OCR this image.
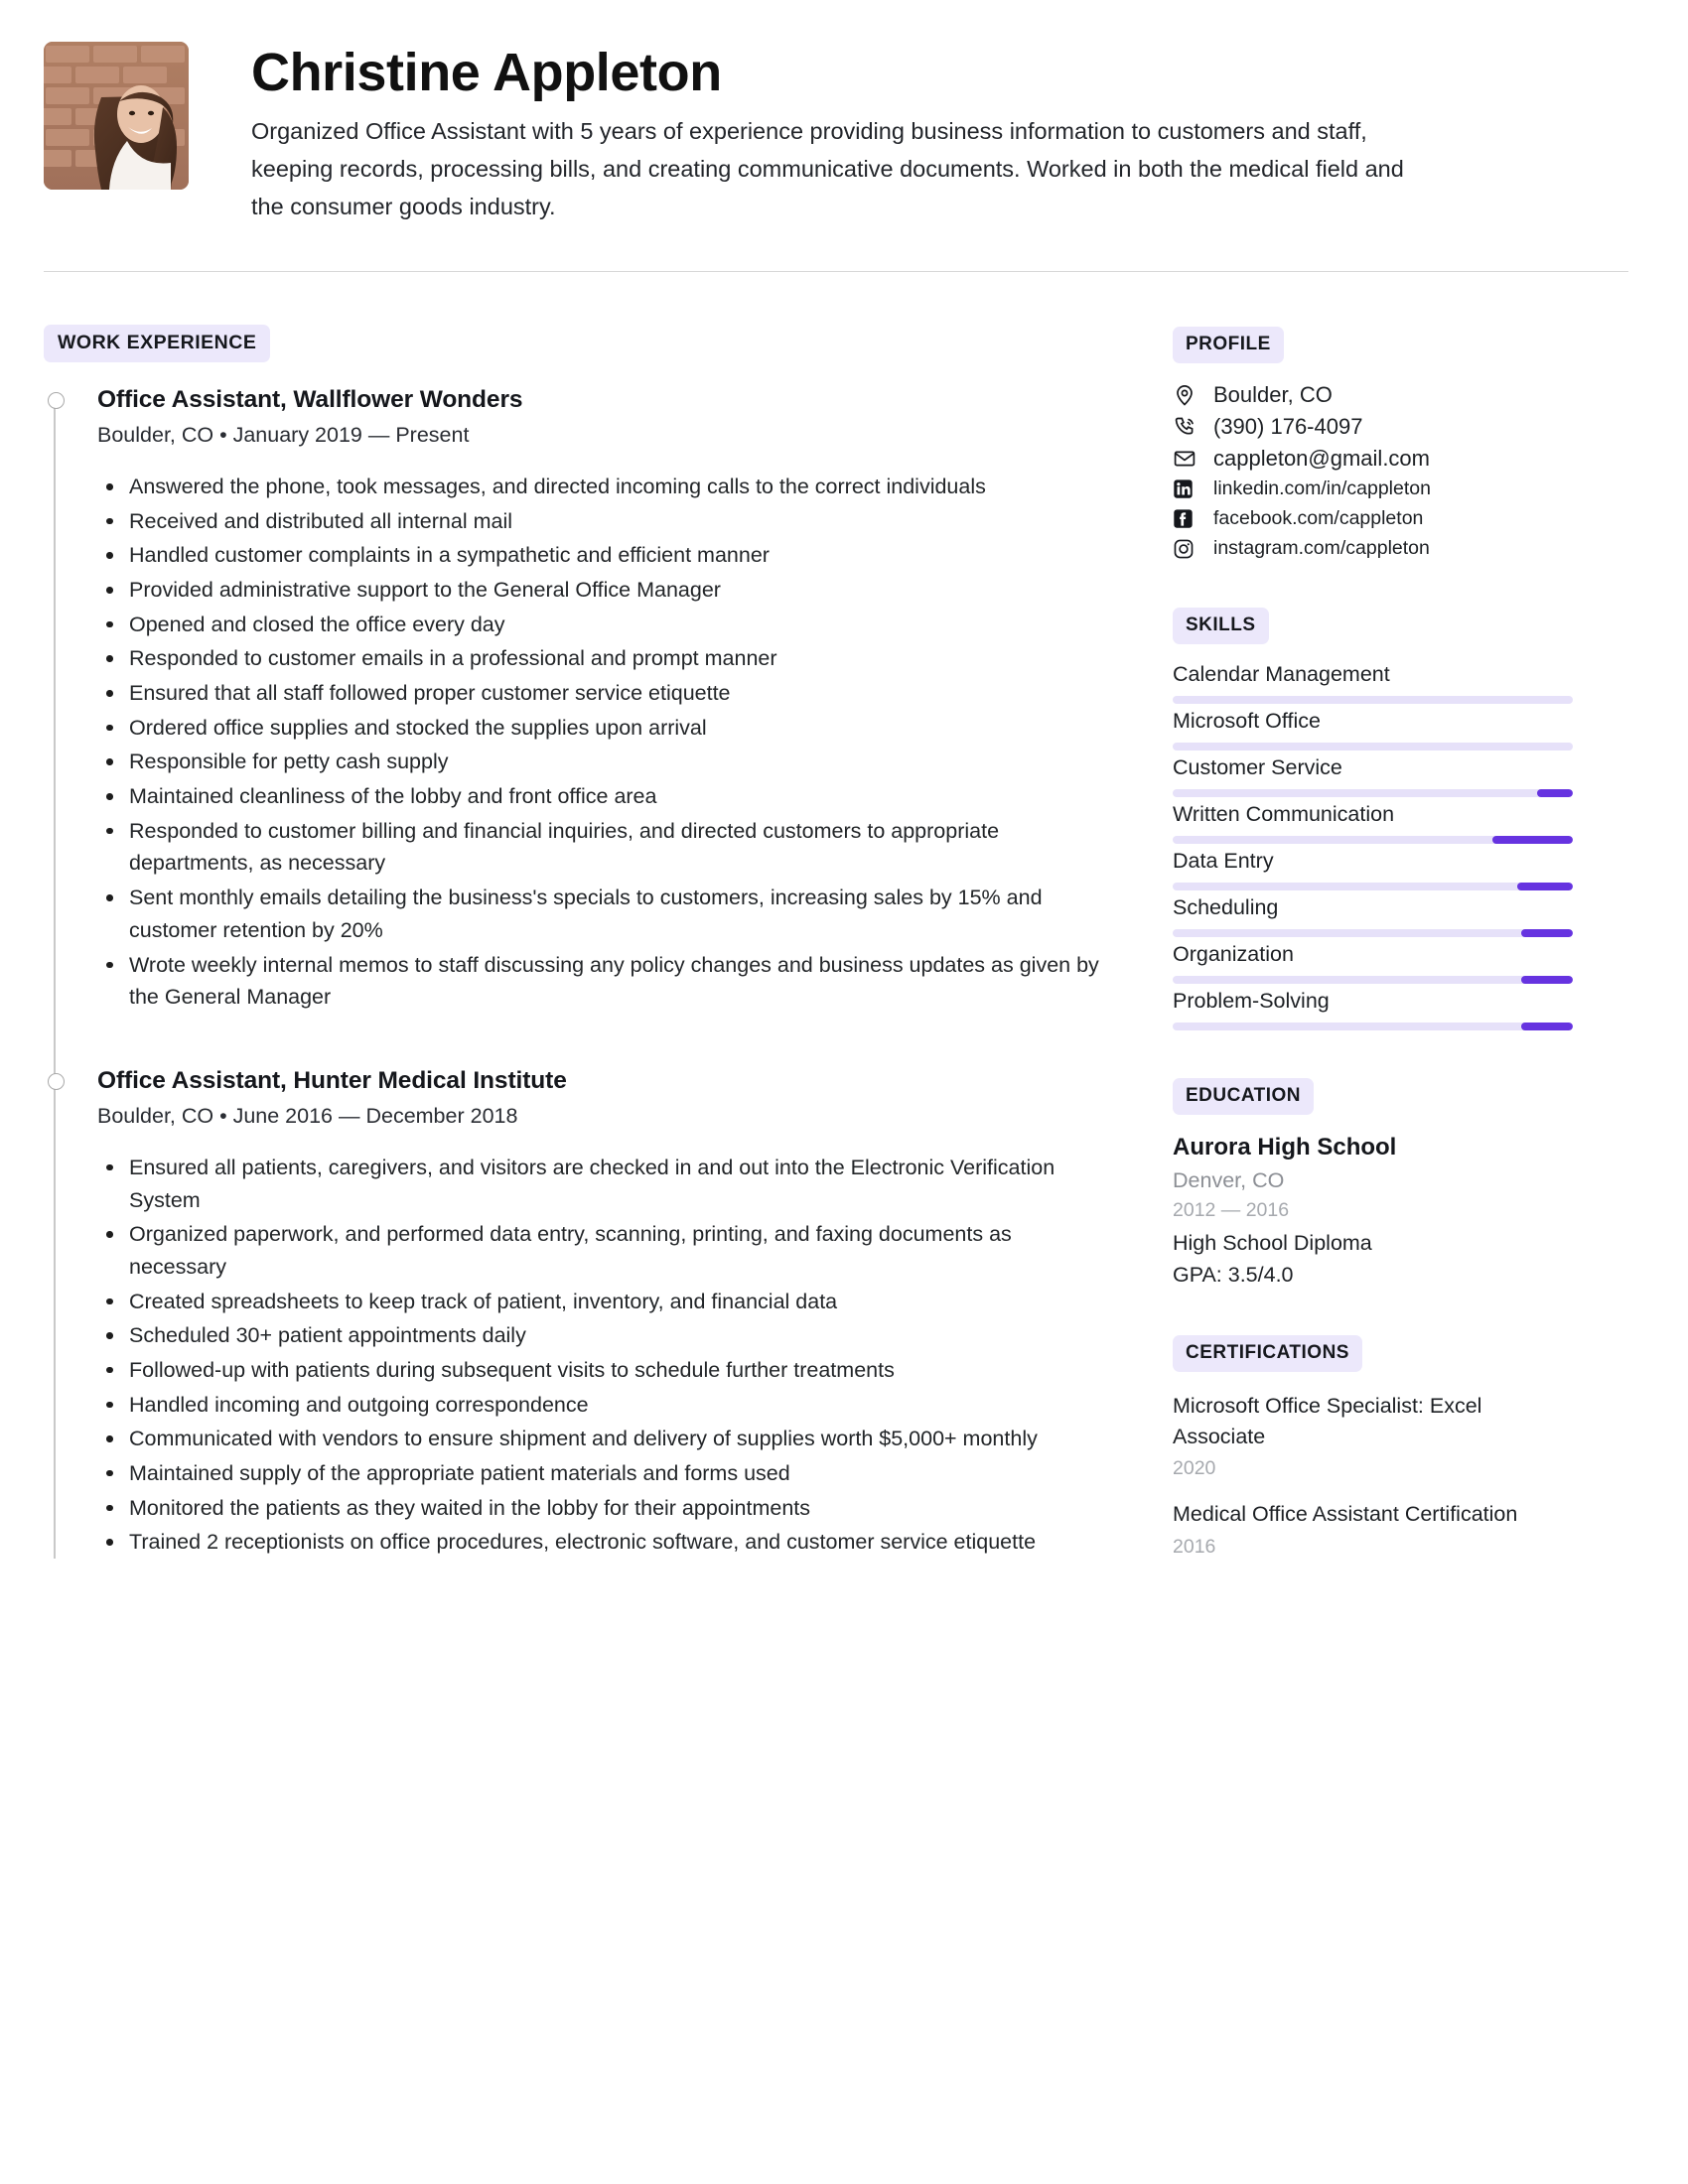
Christine Appleton

Organized Office Assistant with 5 years of experience providing business information to customers and staff, keeping records, processing bills, and creating communicative documents. Worked in both the medical field and the consumer goods industry.

WORK EXPERIENCE
Office Assistant, Wallflower Wonders
Boulder, CO • January 2019 — Present
Answered the phone, took messages, and directed incoming calls to the correct individuals
Received and distributed all internal mail
Handled customer complaints in a sympathetic and efficient manner
Provided administrative support to the General Office Manager
Opened and closed the office every day
Responded to customer emails in a professional and prompt manner
Ensured that all staff followed proper customer service etiquette
Ordered office supplies and stocked the supplies upon arrival
Responsible for petty cash supply
Maintained cleanliness of the lobby and front office area
Responded to customer billing and financial inquiries, and directed customers to appropriate departments, as necessary
Sent monthly emails detailing the business's specials to customers, increasing sales by 15% and customer retention by 20%
Wrote weekly internal memos to staff discussing any policy changes and business updates as given by the General Manager
Office Assistant, Hunter Medical Institute
Boulder, CO • June 2016 — December 2018
Ensured all patients, caregivers, and visitors are checked in and out into the Electronic Verification System
Organized paperwork, and performed data entry, scanning, printing, and faxing documents as necessary
Created spreadsheets to keep track of patient, inventory, and financial data
Scheduled 30+ patient appointments daily
Followed-up with patients during subsequent visits to schedule further treatments
Handled incoming and outgoing correspondence
Communicated with vendors to ensure shipment and delivery of supplies worth $5,000+ monthly
Maintained supply of the appropriate patient materials and forms used
Monitored the patients as they waited in the lobby for their appointments
Trained 2 receptionists on office procedures, electronic software, and customer service etiquette
PROFILE
Boulder, CO
(390) 176-4097
cappleton@gmail.com
linkedin.com/in/cappleton
facebook.com/cappleton
instagram.com/cappleton
SKILLS
Calendar Management
Microsoft Office
Customer Service
Written Communication
Data Entry
Scheduling
Organization
Problem-Solving
EDUCATION
Aurora High School
Denver, CO
2012 — 2016
High School Diploma
GPA: 3.5/4.0
CERTIFICATIONS
Microsoft Office Specialist: Excel Associate
2020
Medical Office Assistant Certification
2016
